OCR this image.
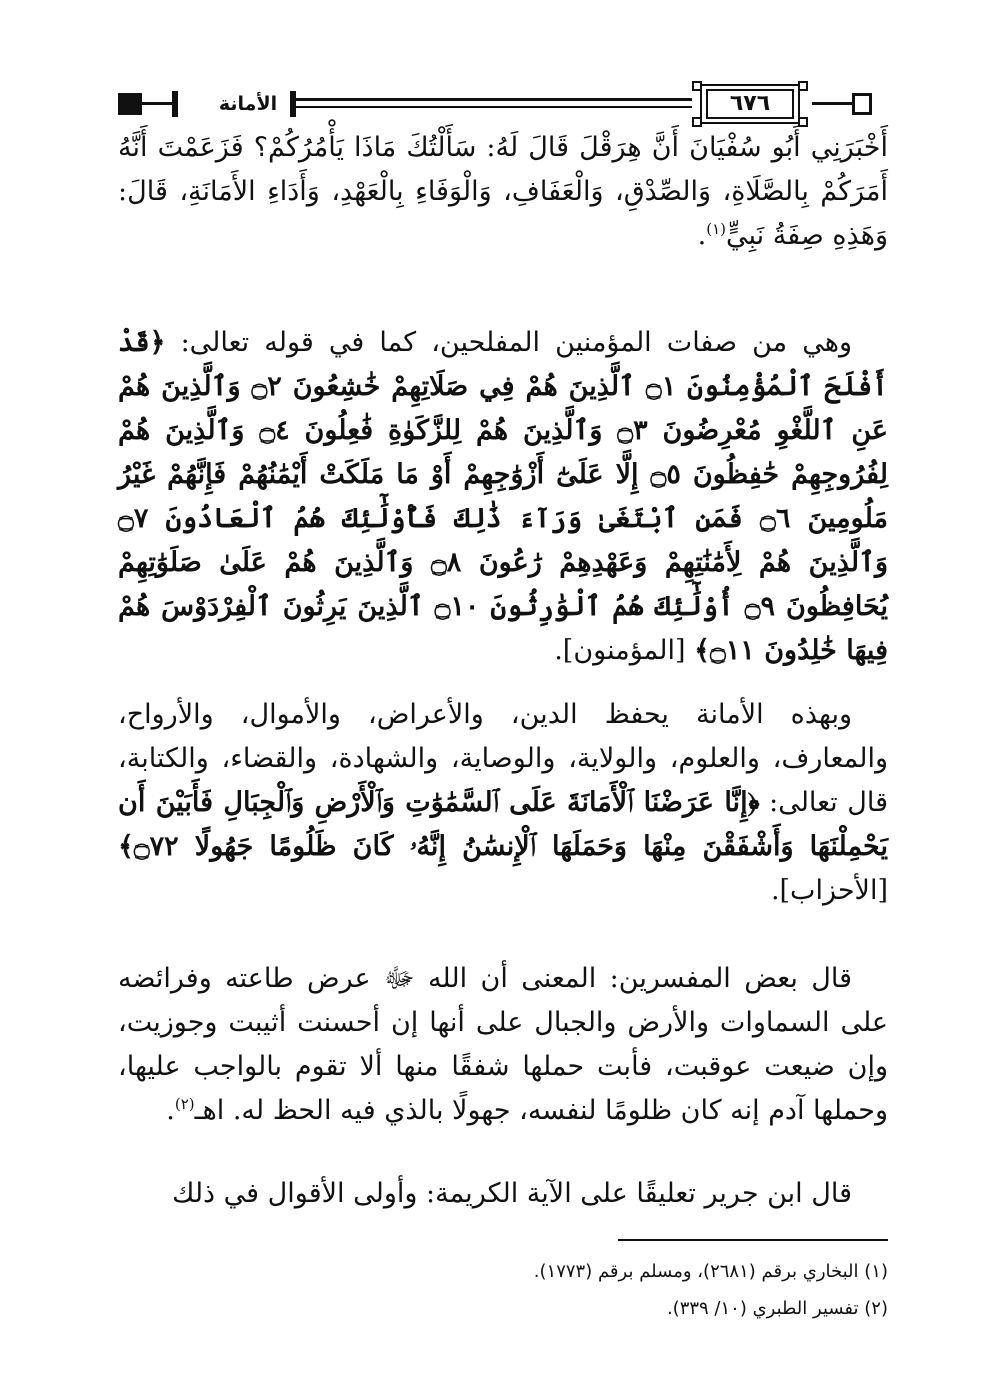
الأمانة	٦٧٦

أَخْبَرَنِي أَبُو سُفْيَانَ أَنَّ هِرَقْلَ قَالَ لَهُ: سَأَلْتُكَ مَاذَا يَأْمُرُكُمْ؟ فَزَعَمْتَ أَنَّهُ أَمَرَكُمْ بِالصَّلَاةِ، وَالصِّدْقِ، وَالْعَفَافِ، وَالْوَفَاءِ بِالْعَهْدِ، وَأَدَاءِ الأَمَانَةِ، قَالَ: وَهَذِهِ صِفَةُ نَبِيٍّ$^{(١)}$.

وهي من صفات المؤمنين المفلحين، كما في قوله تعالى: ﴿قَدْ أَفْلَحَ ٱلْمُؤْمِنُونَ ۝١ ٱلَّذِينَ هُمْ فِي صَلَاتِهِمْ خَٰشِعُونَ ۝٢ وَٱلَّذِينَ هُمْ عَنِ ٱللَّغْوِ مُعْرِضُونَ ۝٣ وَٱلَّذِينَ هُمْ لِلزَّكَوٰةِ فَٰعِلُونَ ۝٤ وَٱلَّذِينَ هُمْ لِفُرُوجِهِمْ حَٰفِظُونَ ۝٥ إِلَّا عَلَىٰٓ أَزْوَٰجِهِمْ أَوْ مَا مَلَكَتْ أَيْمَٰنُهُمْ فَإِنَّهُمْ غَيْرُ مَلُومِينَ ۝٦ فَمَنِ ٱبْتَغَىٰ وَرَآءَ ذَٰلِكَ فَأُوْلَٰٓئِكَ هُمُ ٱلْعَادُونَ ۝٧ وَٱلَّذِينَ هُمْ لِأَمَٰنَٰتِهِمْ وَعَهْدِهِمْ رَٰعُونَ ۝٨ وَٱلَّذِينَ هُمْ عَلَىٰ صَلَوَٰتِهِمْ يُحَافِظُونَ ۝٩ أُوْلَٰٓئِكَ هُمُ ٱلْوَٰرِثُونَ ۝١٠ ٱلَّذِينَ يَرِثُونَ ٱلْفِرْدَوْسَ هُمْ فِيهَا خَٰلِدُونَ ۝١١﴾ [المؤمنون].

وبهذه الأمانة يحفظ الدين، والأعراض، والأموال، والأرواح، والمعارف، والعلوم، والولاية، والوصاية، والشهادة، والقضاء، والكتابة، قال تعالى: ﴿إِنَّا عَرَضْنَا ٱلْأَمَانَةَ عَلَى ٱلسَّمَٰوَٰتِ وَٱلْأَرْضِ وَٱلْجِبَالِ فَأَبَيْنَ أَن يَحْمِلْنَهَا وَأَشْفَقْنَ مِنْهَا وَحَمَلَهَا ٱلْإِنسَٰنُ إِنَّهُۥ كَانَ ظَلُومًا جَهُولًا ۝٧٢﴾ [الأحزاب].

قال بعض المفسرين: المعنى أن الله ﷻ عرض طاعته وفرائضه على السماوات والأرض والجبال على أنها إن أحسنت أثيبت وجوزيت، وإن ضيعت عوقبت، فأبت حملها شفقًا منها ألا تقوم بالواجب عليها، وحملها آدم إنه كان ظلومًا لنفسه، جهولًا بالذي فيه الحظ له. اهـ$^{(٢)}$.

قال ابن جرير تعليقًا على الآية الكريمة: وأولى الأقوال في ذلك

(١) البخاري برقم (٢٦٨١)، ومسلم برقم (١٧٧٣).
(٢) تفسير الطبري (١٠/ ٣٣٩).
